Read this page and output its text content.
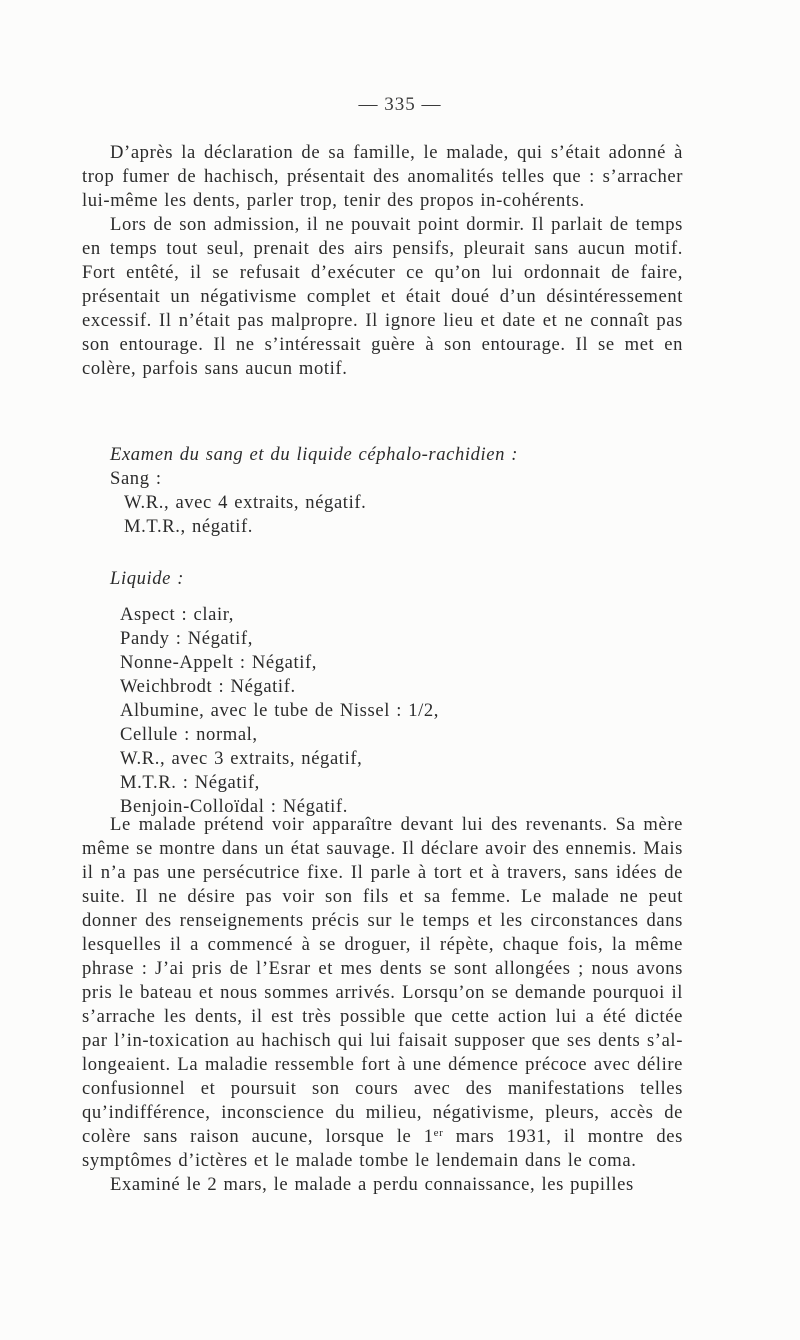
— 335 —

D’après la déclaration de sa famille, le malade, qui s’était adonné à trop fumer de hachisch, présentait des anomalités telles que : s’arracher lui-même les dents, parler trop, tenir des propos in-cohérents.

Lors de son admission, il ne pouvait point dormir. Il parlait de temps en temps tout seul, prenait des airs pensifs, pleurait sans aucun motif. Fort entêté, il se refusait d’exécuter ce qu’on lui ordonnait de faire, présentait un négativisme complet et était doué d’un désintéressement excessif. Il n’était pas malpropre. Il ignore lieu et date et ne connaît pas son entourage. Il ne s’intéressait guère à son entourage. Il se met en colère, parfois sans aucun motif.

Examen du sang et du liquide céphalo-rachidien :

Sang :
W.R., avec 4 extraits, négatif.
M.T.R., négatif.
Liquide :
Aspect : clair,
Pandy : Négatif,
Nonne-Appelt : Négatif,
Weichbrodt : Négatif.
Albumine, avec le tube de Nissel : 1/2,
Cellule : normal,
W.R., avec 3 extraits, négatif,
M.T.R. : Négatif,
Benjoin-Colloïdal : Négatif.

Le malade prétend voir apparaître devant lui des revenants. Sa mère même se montre dans un état sauvage. Il déclare avoir des ennemis. Mais il n’a pas une persécutrice fixe. Il parle à tort et à travers, sans idées de suite. Il ne désire pas voir son fils et sa femme. Le malade ne peut donner des renseignements précis sur le temps et les circonstances dans lesquelles il a commencé à se droguer, il répète, chaque fois, la même phrase : J’ai pris de l’Esrar et mes dents se sont allongées ; nous avons pris le bateau et nous sommes arrivés. Lorsqu’on se demande pourquoi il s’arrache les dents, il est très possible que cette action lui a été dictée par l’in-toxication au hachisch qui lui faisait supposer que ses dents s’al-longeaient. La maladie ressemble fort à une démence précoce avec délire confusionnel et poursuit son cours avec des manifestations telles qu’indifférence, inconscience du milieu, négativisme, pleurs, accès de colère sans raison aucune, lorsque le 1er mars 1931, il montre des symptômes d’ictères et le malade tombe le lendemain dans le coma.

Examiné le 2 mars, le malade a perdu connaissance, les pupilles
